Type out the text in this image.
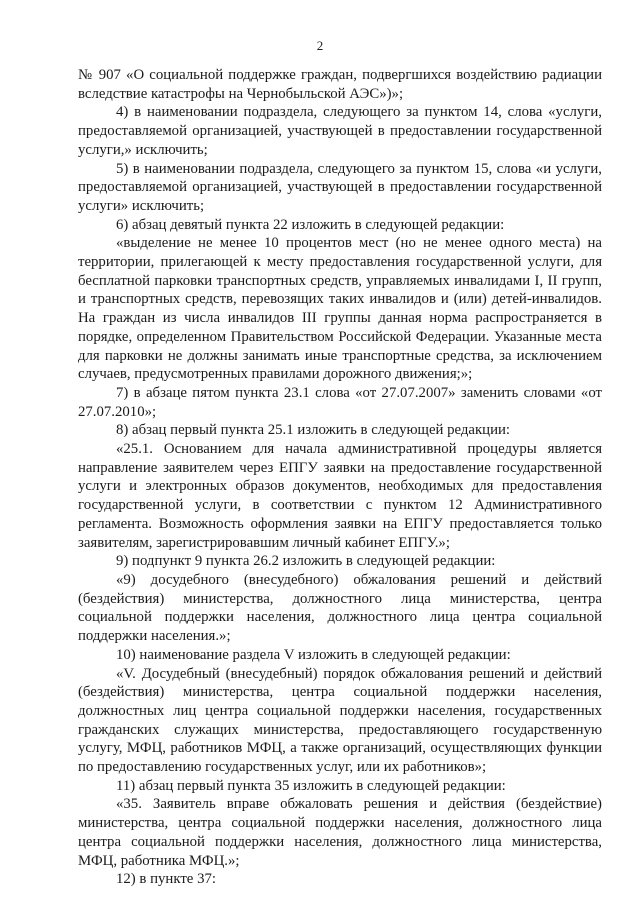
2

№ 907 «О социальной поддержке граждан, подвергшихся воздействию радиации вследствие катастрофы на Чернобыльской АЭС»)»;

4) в наименовании подраздела, следующего за пунктом 14, слова «услуги, предоставляемой организацией, участвующей в предоставлении государственной услуги,» исключить;

5) в наименовании подраздела, следующего за пунктом 15, слова «и услуги, предоставляемой организацией, участвующей в предоставлении государственной услуги» исключить;

6) абзац девятый пункта 22 изложить в следующей редакции:

«выделение не менее 10 процентов мест (но не менее одного места) на территории, прилегающей к месту предоставления государственной услуги, для бесплатной парковки транспортных средств, управляемых инвалидами I, II групп, и транспортных средств, перевозящих таких инвалидов и (или) детей-инвалидов. На граждан из числа инвалидов III группы данная норма распространяется в порядке, определенном Правительством Российской Федерации. Указанные места для парковки не должны занимать иные транспортные средства, за исключением случаев, предусмотренных правилами дорожного движения;»;

7) в абзаце пятом пункта 23.1 слова «от 27.07.2007» заменить словами «от 27.07.2010»;

8) абзац первый пункта 25.1 изложить в следующей редакции:

«25.1. Основанием для начала административной процедуры является направление заявителем через ЕПГУ заявки на предоставление государственной услуги и электронных образов документов, необходимых для предоставления государственной услуги, в соответствии с пунктом 12 Административного регламента. Возможность оформления заявки на ЕПГУ предоставляется только заявителям, зарегистрировавшим личный кабинет ЕПГУ.»;

9) подпункт 9 пункта 26.2 изложить в следующей редакции:

«9) досудебного (внесудебного) обжалования решений и действий (бездействия) министерства, должностного лица министерства, центра социальной поддержки населения, должностного лица центра социальной поддержки населения.»;

10) наименование раздела V изложить в следующей редакции:

«V. Досудебный (внесудебный) порядок обжалования решений и действий (бездействия) министерства, центра социальной поддержки населения, должностных лиц центра социальной поддержки населения, государственных гражданских служащих министерства, предоставляющего государственную услугу, МФЦ, работников МФЦ, а также организаций, осуществляющих функции по предоставлению государственных услуг, или их работников»;

11) абзац первый пункта 35 изложить в следующей редакции:

«35. Заявитель вправе обжаловать решения и действия (бездействие) министерства, центра социальной поддержки населения, должностного лица центра социальной поддержки населения, должностного лица министерства, МФЦ, работника МФЦ.»;

12) в пункте 37:
